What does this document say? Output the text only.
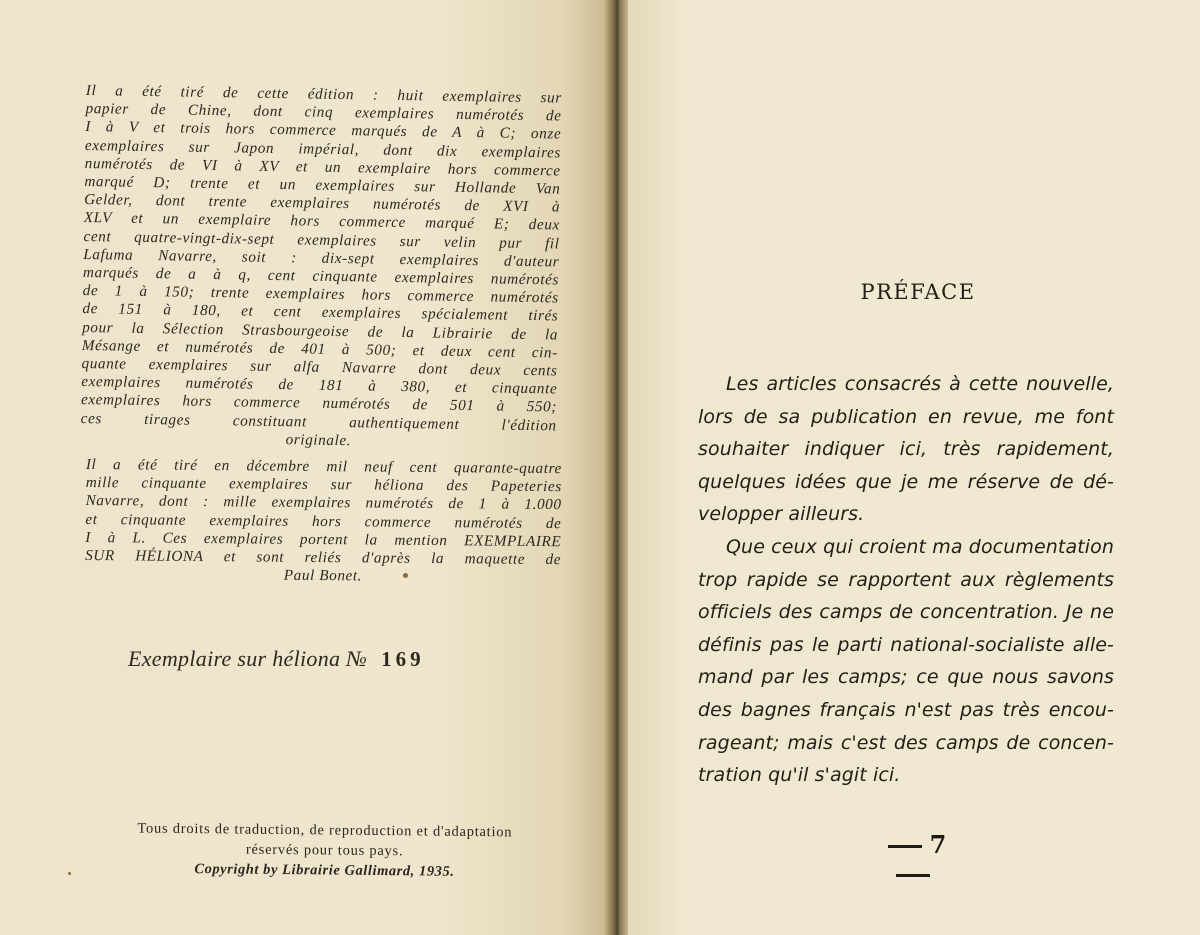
Il a été tiré de cette édition : huit exemplaires sur
papier de Chine, dont cinq exemplaires numérotés de
I à V et trois hors commerce marqués de A à C; onze
exemplaires sur Japon impérial, dont dix exemplaires
numérotés de VI à XV et un exemplaire hors commerce
marqué D; trente et un exemplaires sur Hollande Van
Gelder, dont trente exemplaires numérotés de XVI à
XLV et un exemplaire hors commerce marqué E; deux
cent quatre-vingt-dix-sept exemplaires sur velin pur fil
Lafuma Navarre, soit : dix-sept exemplaires d'auteur
marqués de a à q, cent cinquante exemplaires numérotés
de 1 à 150; trente exemplaires hors commerce numérotés
de 151 à 180, et cent exemplaires spécialement tirés
pour la Sélection Strasbourgeoise de la Librairie de la
Mésange et numérotés de 401 à 500; et deux cent cin-
quante exemplaires sur alfa Navarre dont deux cents
exemplaires numérotés de 181 à 380, et cinquante
exemplaires hors commerce numérotés de 501 à 550;
ces tirages constituant authentiquement l'édition
originale.
Il a été tiré en décembre mil neuf cent quarante-quatre
mille cinquante exemplaires sur héliona des Papeteries
Navarre, dont : mille exemplaires numérotés de 1 à 1.000
et cinquante exemplaires hors commerce numérotés de
I à L. Ces exemplaires portent la mention EXEMPLAIRE
SUR HÉLIONA et sont reliés d'après la maquette de
Paul Bonet.
Exemplaire sur héliona № 169
Tous droits de traduction, de reproduction et d'adaptation
réservés pour tous pays.
Copyright by Librairie Gallimard, 1935.
PRÉFACE
Les articles consacrés à cette nouvelle,
lors de sa publication en revue, me font
souhaiter indiquer ici, très rapidement,
quelques idées que je me réserve de dé-
velopper ailleurs.
Que ceux qui croient ma documentation
trop rapide se rapportent aux règlements
officiels des camps de concentration. Je ne
définis pas le parti national-socialiste alle-
mand par les camps; ce que nous savons
des bagnes français n'est pas très encou-
rageant; mais c'est des camps de concen-
tration qu'il s'agit ici.
7
